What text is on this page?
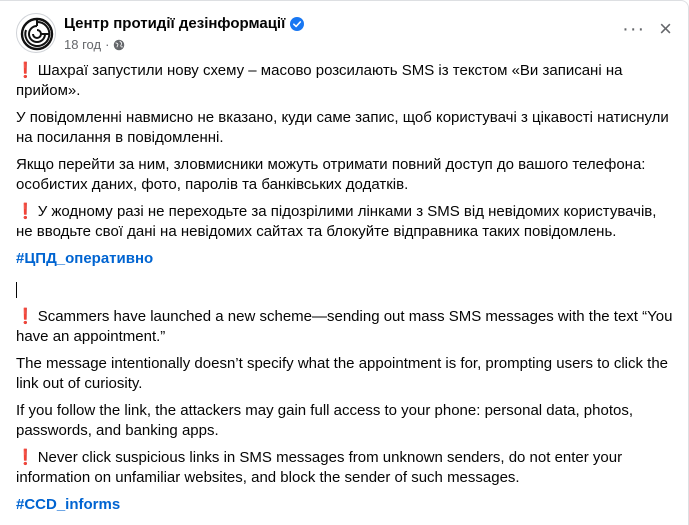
Центр протидії дезінформації
18 год ·
··· ×

❗ Шахраї запустили нову схему – масово розсилають SMS із текстом «Ви записані на прийом».

У повідомленні навмисно не вказано, куди саме запис, щоб користувачі з цікавості натиснули на посилання в повідомленні.

Якщо перейти за ним, зловмисники можуть отримати повний доступ до вашого телефона: особистих даних, фото, паролів та банківських додатків.

❗ У жодному разі не переходьте за підозрілими лінками з SMS від невідомих користувачів, не вводьте свої дані на невідомих сайтах та блокуйте відправника таких повідомлень.

#ЦПД_оперативно

❗ Scammers have launched a new scheme—sending out mass SMS messages with the text “You have an appointment.”

The message intentionally doesn’t specify what the appointment is for, prompting users to click the link out of curiosity.

If you follow the link, the attackers may gain full access to your phone: personal data, photos, passwords, and banking apps.

❗ Never click suspicious links in SMS messages from unknown senders, do not enter your information on unfamiliar websites, and block the sender of such messages.

#CCD_informs
